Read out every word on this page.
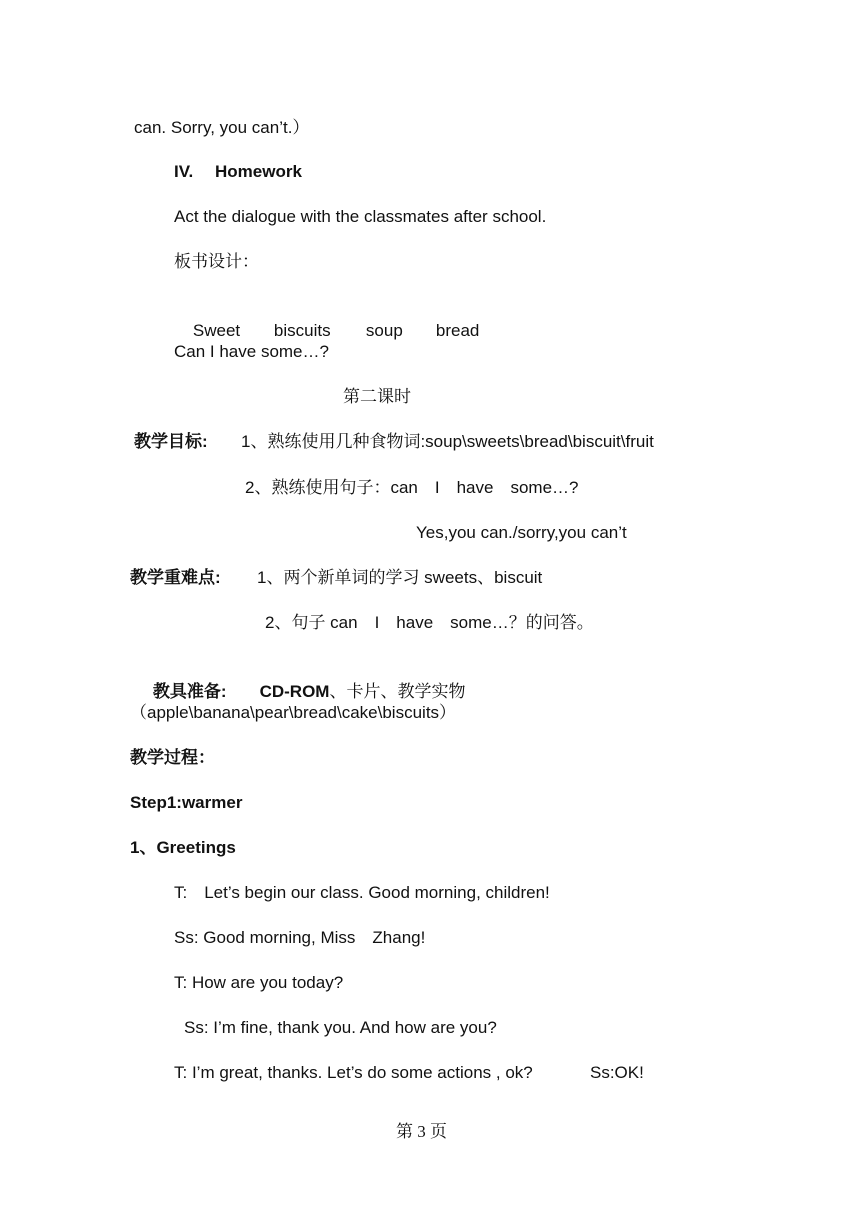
can. Sorry, you can’t.）
IV. Homework
Act the dialogue with the classmates after school.
板书设计：

Sweet biscuits soup bread

Can I have some…?
第二课时
教学目标: 1、熟练使用几种食物词:soup\sweets\bread\biscuit\fruit
2、熟练使用句子：can　I　have　some…?
Yes,you can./sorry,you can’t
教学重难点: 1、两个新单词的学习 sweets、biscuit
2、句子 can　I　have　some…？的问答。

教具准备: CD-ROM、卡片、教学实物

（apple\banana\pear\bread\cake\biscuits）
教学过程：
Step1:warmer
1、Greetings
T:　Let’s begin our class. Good morning, children!
Ss: Good morning, Miss　Zhang!
T: How are you today?
Ss: I’m fine, thank you. And how are you?
T: I’m great, thanks. Let’s do some actions , ok?	Ss:OK!
第 3 页
